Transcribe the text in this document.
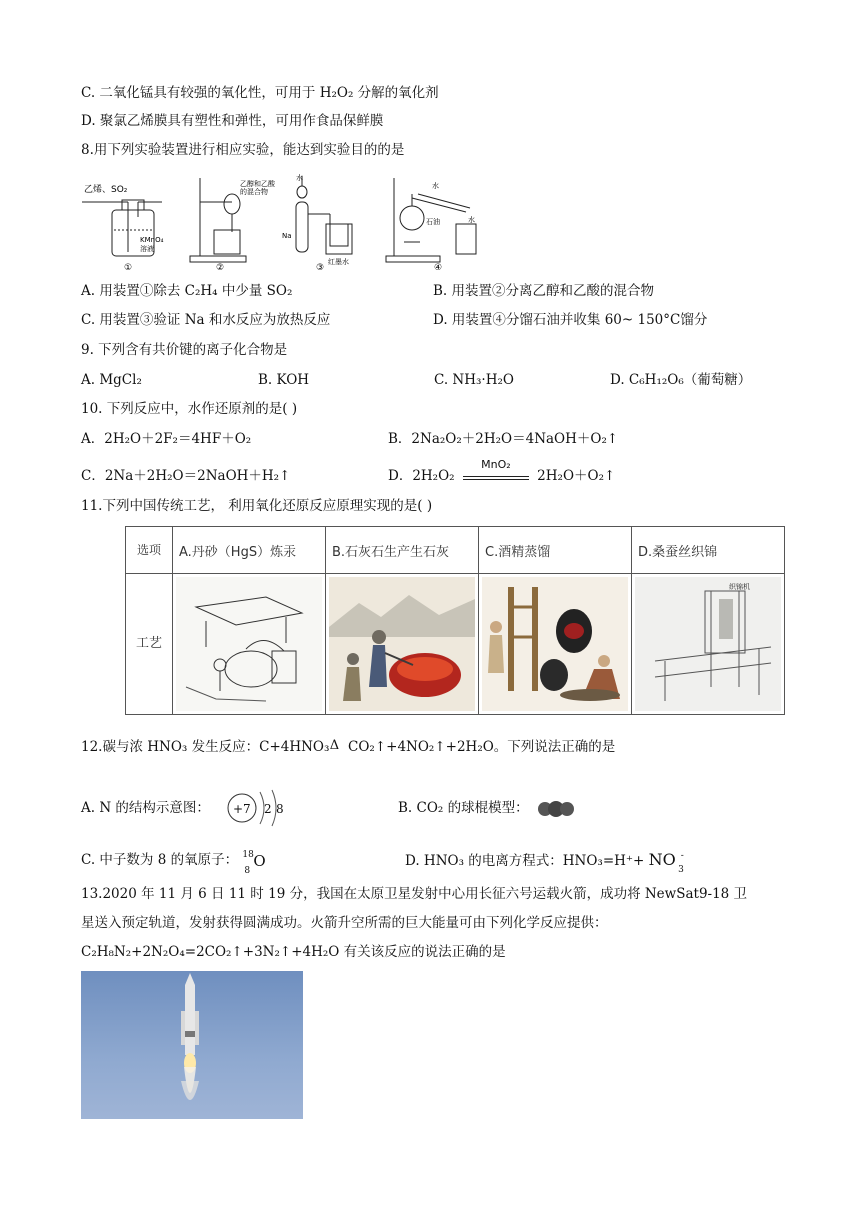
C. 二氧化锰具有较强的氧化性，可用于 H₂O₂ 分解的氧化剂
D. 聚氯乙烯膜具有塑性和弹性，可用作食品保鲜膜
8.用下列实验装置进行相应实验，能达到实验目的的是
乙烯、SO₂
KMnO₄
溶液
①
乙醇和乙酸
的混合物
②
水
Na
红墨水
③
水
水
石油
④
A. 用装置①除去 C₂H₄ 中少量 SO₂	B. 用装置②分离乙醇和乙酸的混合物
C. 用装置③验证 Na 和水反应为放热反应	D. 用装置④分馏石油并收集 60~ 150°C馏分
9. 下列含有共价键的离子化合物是
A. MgCl₂	B. KOH	C. NH₃·H₂O	D. C₆H₁₂O₆（葡萄糖）
10. 下列反应中，水作还原剂的是( )
A．2H₂O＋2F₂＝4HF＋O₂	B．2Na₂O₂＋2H₂O＝4NaOH＋O₂↑
C．2Na＋2H₂O＝2NaOH＋H₂↑	D．2H₂O₂
MnO₂
2H₂O＋O₂↑
11.下列中国传统工艺， 利用氧化还原反应原理实现的是( )
选项	A.丹砂（HgS）炼汞	B.石灰石生产生石灰	C.酒精蒸馏	D.桑蚕丝织锦
工艺				织锦机
12.碳与浓 HNO₃ 发生反应：C+4HNO₃ Δ CO₂↑+4NO₂↑+2H₂O。下列说法正确的是
A. N 的结构示意图： +7 2 8	B. CO₂ 的球棍模型：
C. 中子数为 8 的氧原子： 18
8
O	D. HNO₃ 的电离方程式：HNO₃=H⁺+ NO -
3
13.2020 年 11 月 6 日 11 时 19 分，我国在太原卫星发射中心用长征六号运载火箭，成功将 NewSat9-18 卫
星送入预定轨道，发射获得圆满成功。火箭升空所需的巨大能量可由下列化学反应提供：
C₂H₈N₂+2N₂O₄=2CO₂↑+3N₂↑+4H₂O 有关该反应的说法正确的是
